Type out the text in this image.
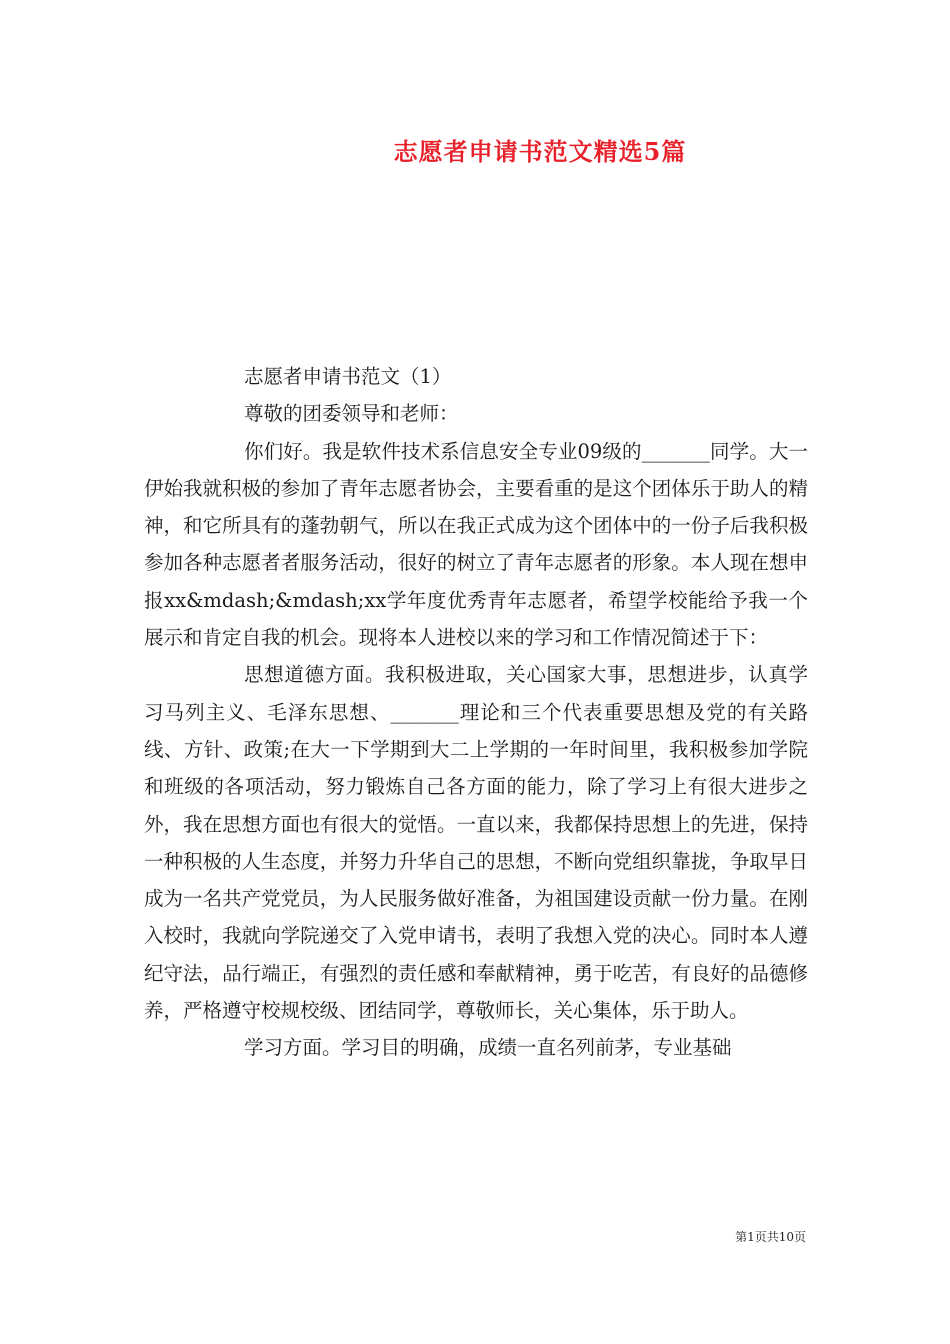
志愿者申请书范文精选5篇

志愿者申请书范文（1）

尊敬的团委领导和老师：

你们好。我是软件技术系信息安全专业09级的_______同学。大一伊始我就积极的参加了青年志愿者协会，主要看重的是这个团体乐于助人的精神，和它所具有的蓬勃朝气，所以在我正式成为这个团体中的一份子后我积极参加各种志愿者者服务活动，很好的树立了青年志愿者的形象。本人现在想申报xx&mdash;&mdash;xx学年度优秀青年志愿者，希望学校能给予我一个展示和肯定自我的机会。现将本人进校以来的学习和工作情况简述于下：

思想道德方面。我积极进取，关心国家大事，思想进步，认真学习马列主义、毛泽东思想、_______理论和三个代表重要思想及党的有关路线、方针、政策;在大一下学期到大二上学期的一年时间里，我积极参加学院和班级的各项活动，努力锻炼自己各方面的能力，除了学习上有很大进步之外，我在思想方面也有很大的觉悟。一直以来，我都保持思想上的先进，保持一种积极的人生态度，并努力升华自己的思想，不断向党组织靠拢，争取早日成为一名共产党党员，为人民服务做好准备，为祖国建设贡献一份力量。在刚入校时，我就向学院递交了入党申请书，表明了我想入党的决心。同时本人遵纪守法，品行端正，有强烈的责任感和奉献精神，勇于吃苦，有良好的品德修养，严格遵守校规校级、团结同学，尊敬师长，关心集体，乐于助人。

学习方面。学习目的明确，成绩一直名列前茅，专业基础

第1页共10页
